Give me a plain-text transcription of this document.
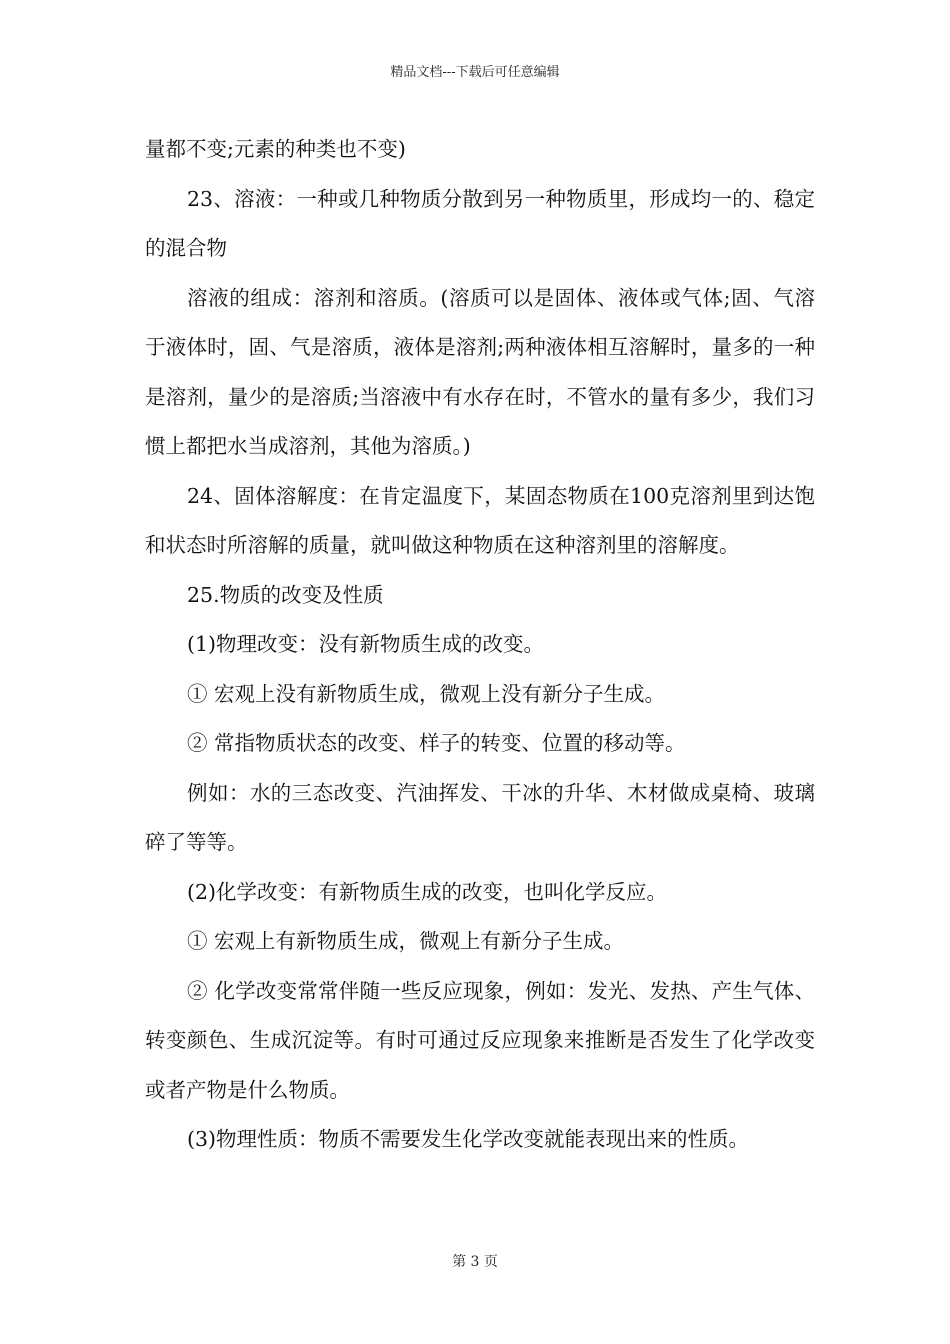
精品文档---下载后可任意编辑

量都不变;元素的种类也不变)

23、溶液：一种或几种物质分散到另一种物质里，形成均一的、稳定的混合物

溶液的组成：溶剂和溶质。(溶质可以是固体、液体或气体;固、气溶于液体时，固、气是溶质，液体是溶剂;两种液体相互溶解时，量多的一种是溶剂，量少的是溶质;当溶液中有水存在时，不管水的量有多少，我们习惯上都把水当成溶剂，其他为溶质。)

24、固体溶解度：在肯定温度下，某固态物质在100克溶剂里到达饱和状态时所溶解的质量，就叫做这种物质在这种溶剂里的溶解度。

25.物质的改变及性质

(1)物理改变：没有新物质生成的改变。

① 宏观上没有新物质生成，微观上没有新分子生成。

② 常指物质状态的改变、样子的转变、位置的移动等。

例如：水的三态改变、汽油挥发、干冰的升华、木材做成桌椅、玻璃碎了等等。

(2)化学改变：有新物质生成的改变，也叫化学反应。

① 宏观上有新物质生成，微观上有新分子生成。

② 化学改变常常伴随一些反应现象，例如：发光、发热、产生气体、转变颜色、生成沉淀等。有时可通过反应现象来推断是否发生了化学改变或者产物是什么物质。

(3)物理性质：物质不需要发生化学改变就能表现出来的性质。

第 3 页
